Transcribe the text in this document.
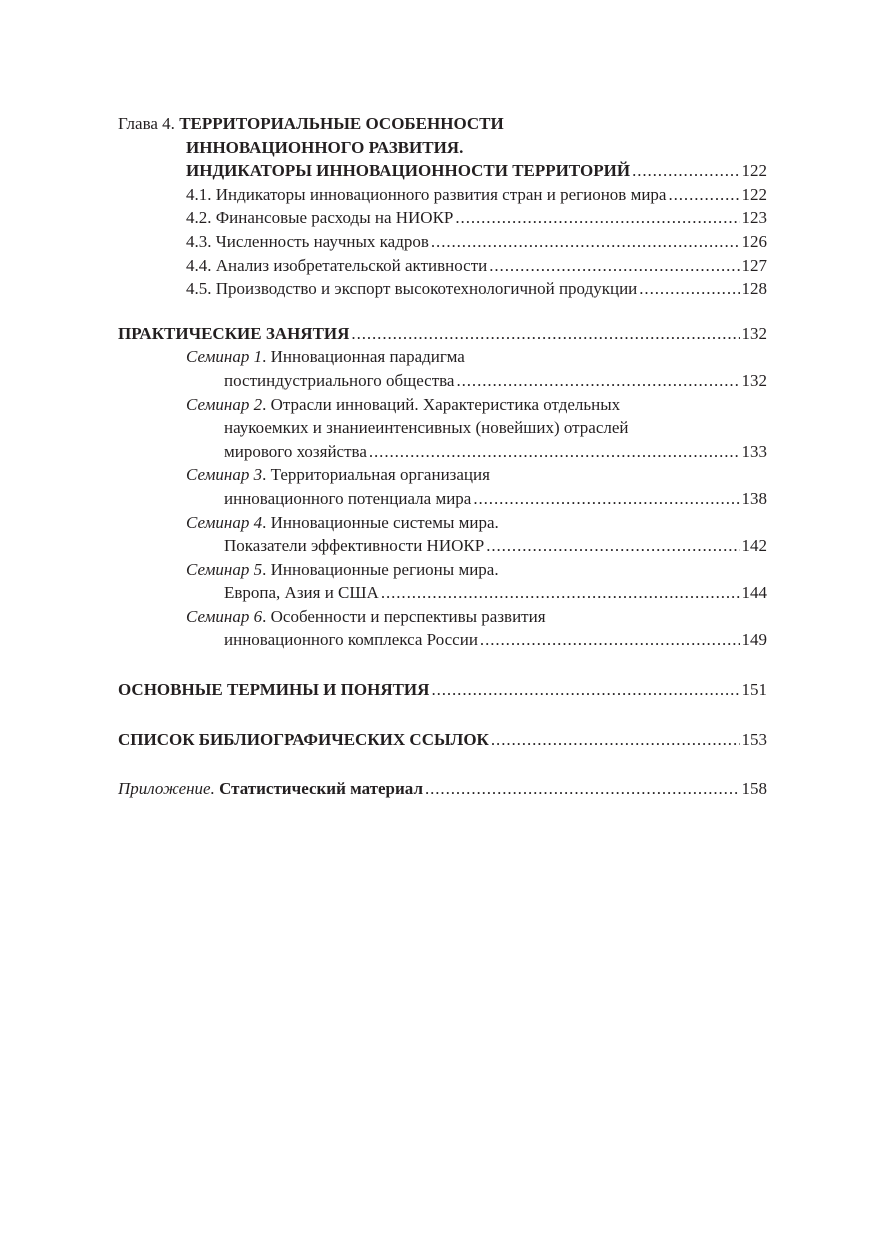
Глава 4. ТЕРРИТОРИАЛЬНЫЕ ОСОБЕННОСТИ
ИННОВАЦИОННОГО РАЗВИТИЯ.
ИНДИКАТОРЫ ИННОВАЦИОННОСТИ ТЕРРИТОРИЙ .....	122
4.1. Индикаторы инновационного развития стран и регионов мира .....	122
4.2. Финансовые расходы на НИОКР .....	123
4.3. Численность научных кадров .....	126
4.4. Анализ изобретательской активности .....	127
4.5. Производство и экспорт высокотехнологичной продукции .....	128
ПРАКТИЧЕСКИЕ ЗАНЯТИЯ .....	132
Семинар 1. Инновационная парадигма
постиндустриального общества .....	132
Семинар 2. Отрасли инноваций. Характеристика отдельных
наукоемких и знаниеинтенсивных (новейших) отраслей
мирового хозяйства .....	133
Семинар 3. Территориальная организация
инновационного потенциала мира .....	138
Семинар 4. Инновационные системы мира.
Показатели эффективности НИОКР .....	142
Семинар 5. Инновационные регионы мира.
Европа, Азия и США .....	144
Семинар 6. Особенности и перспективы развития
инновационного комплекса России .....	149
ОСНОВНЫЕ ТЕРМИНЫ И ПОНЯТИЯ .....	151
СПИСОК БИБЛИОГРАФИЧЕСКИХ ССЫЛОК .....	153
Приложение. Статистический материал .....	158
